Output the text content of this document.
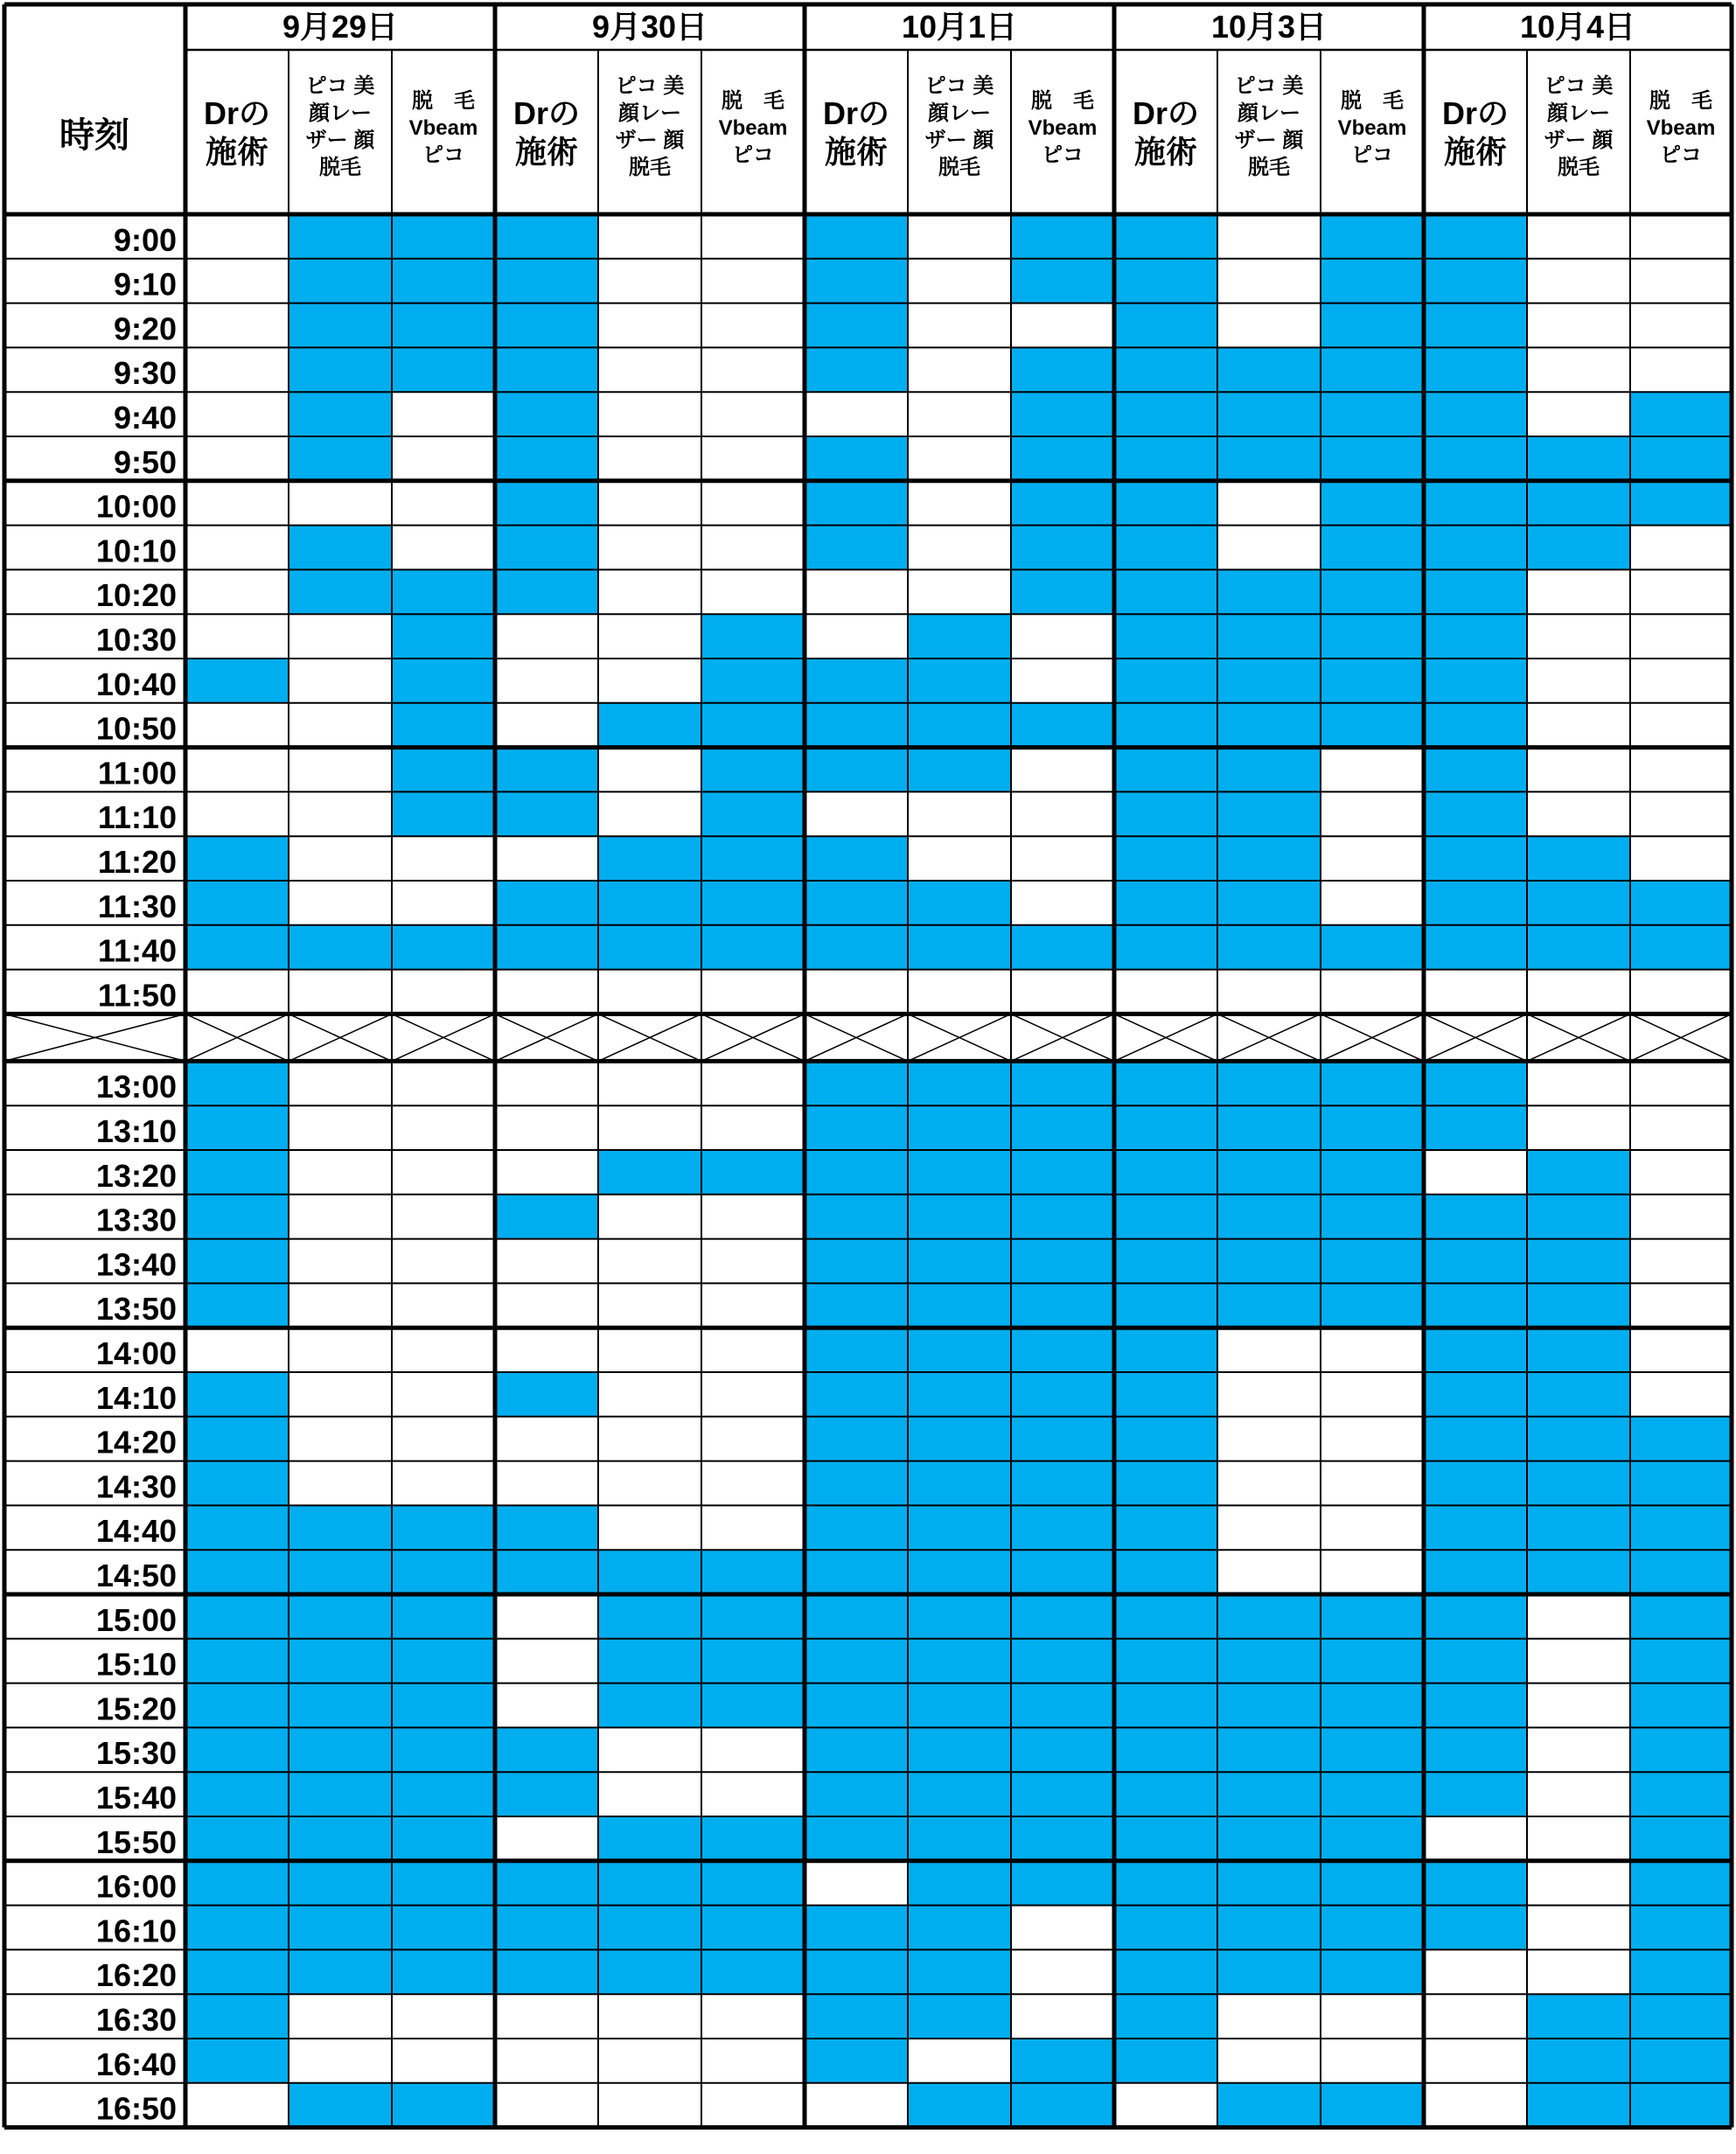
時刻
9月29日
Drの
施術
ピコ 美
顔レー
ザー 顔
脱毛
脱　毛
Vbeam
ピコ
9月30日
Drの
施術
ピコ 美
顔レー
ザー 顔
脱毛
脱　毛
Vbeam
ピコ
10月1日
Drの
施術
ピコ 美
顔レー
ザー 顔
脱毛
脱　毛
Vbeam
ピコ
10月3日
Drの
施術
ピコ 美
顔レー
ザー 顔
脱毛
脱　毛
Vbeam
ピコ
10月4日
Drの
施術
ピコ 美
顔レー
ザー 顔
脱毛
脱　毛
Vbeam
ピコ
9:00
9:10
9:20
9:30
9:40
9:50
10:00
10:10
10:20
10:30
10:40
10:50
11:00
11:10
11:20
11:30
11:40
11:50
13:00
13:10
13:20
13:30
13:40
13:50
14:00
14:10
14:20
14:30
14:40
14:50
15:00
15:10
15:20
15:30
15:40
15:50
16:00
16:10
16:20
16:30
16:40
16:50
